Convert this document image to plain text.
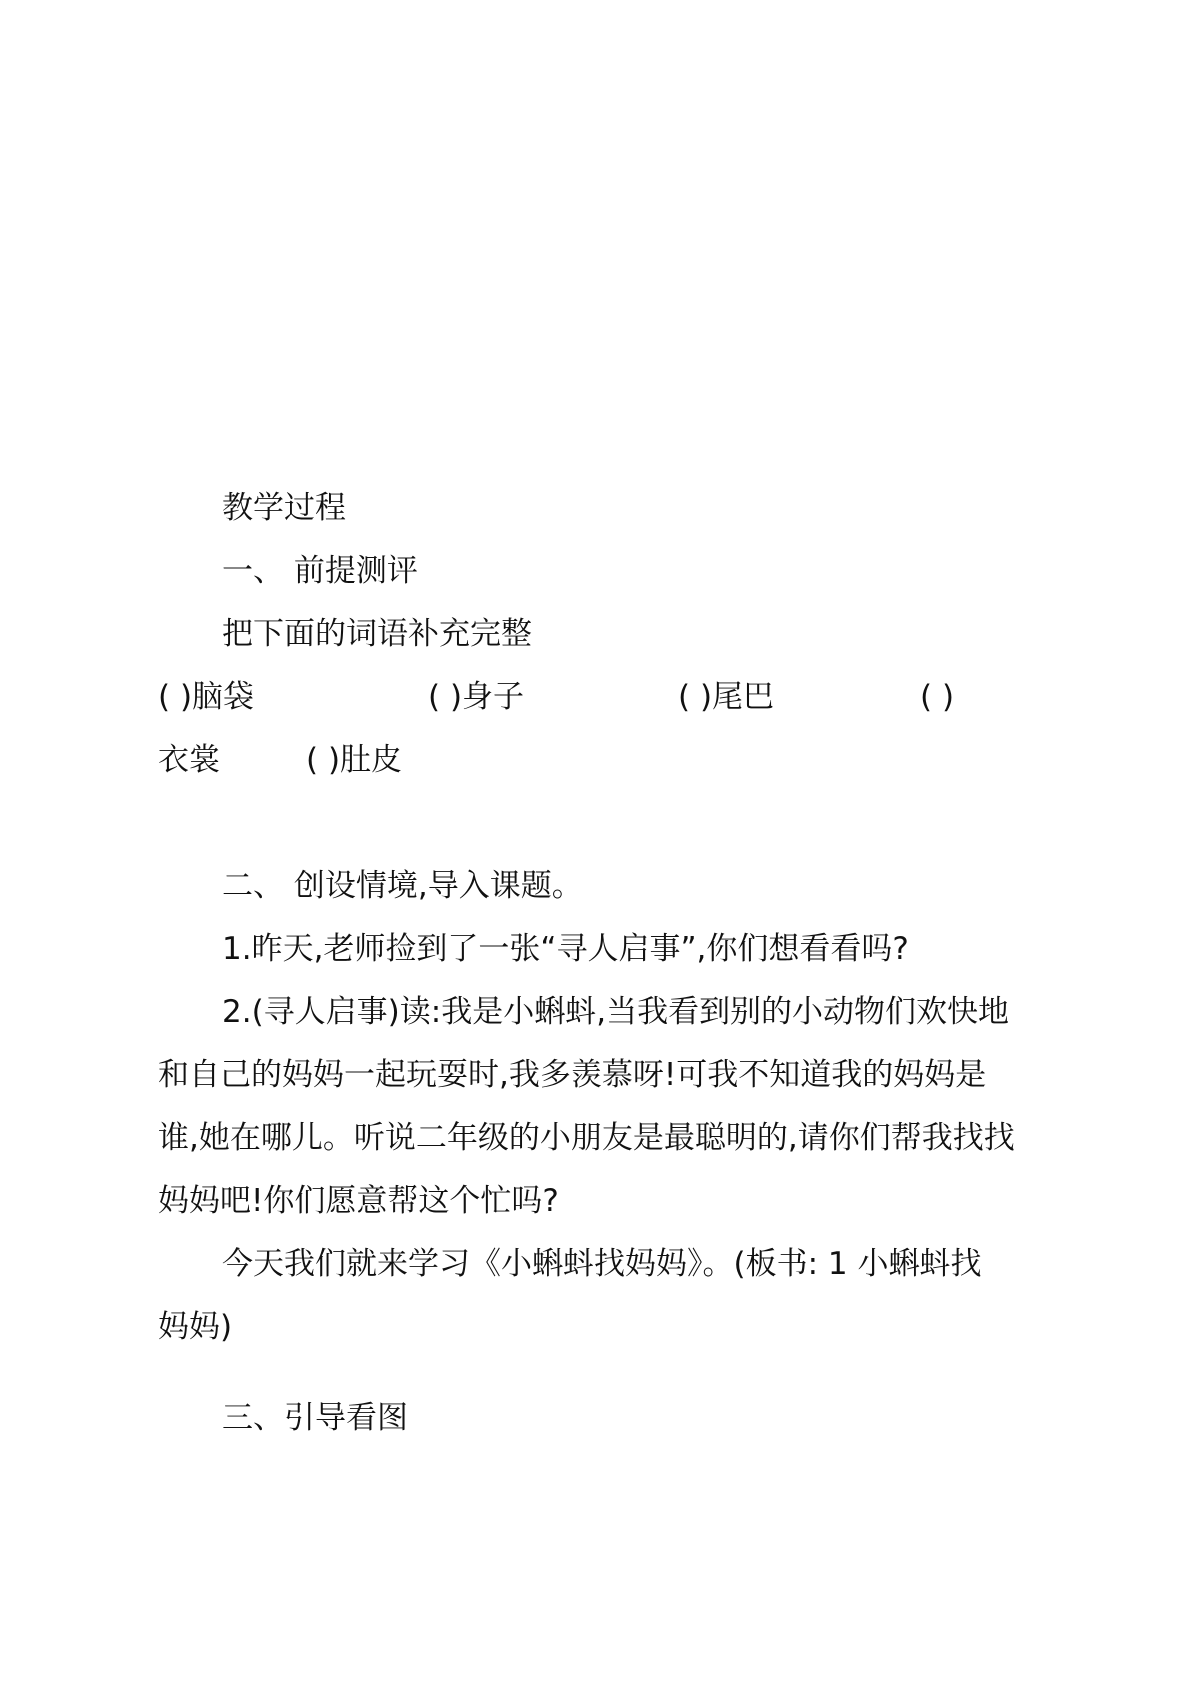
教学过程
一、 前提测评
把下面的词语补充完整
( )脑袋	( )身子	( )尾巴	( )
衣裳	( )肚皮
二、 创设情境,导入课题。
1.昨天,老师捡到了一张“寻人启事”,你们想看看吗?
2.(寻人启事)读:我是小蝌蚪,当我看到别的小动物们欢快地
和自己的妈妈一起玩耍时,我多羡慕呀!可我不知道我的妈妈是
谁,她在哪儿。听说二年级的小朋友是最聪明的,请你们帮我找找
妈妈吧!你们愿意帮这个忙吗?
今天我们就来学习《小蝌蚪找妈妈》。(板书: 1 小蝌蚪找
妈妈)
三、引导看图
